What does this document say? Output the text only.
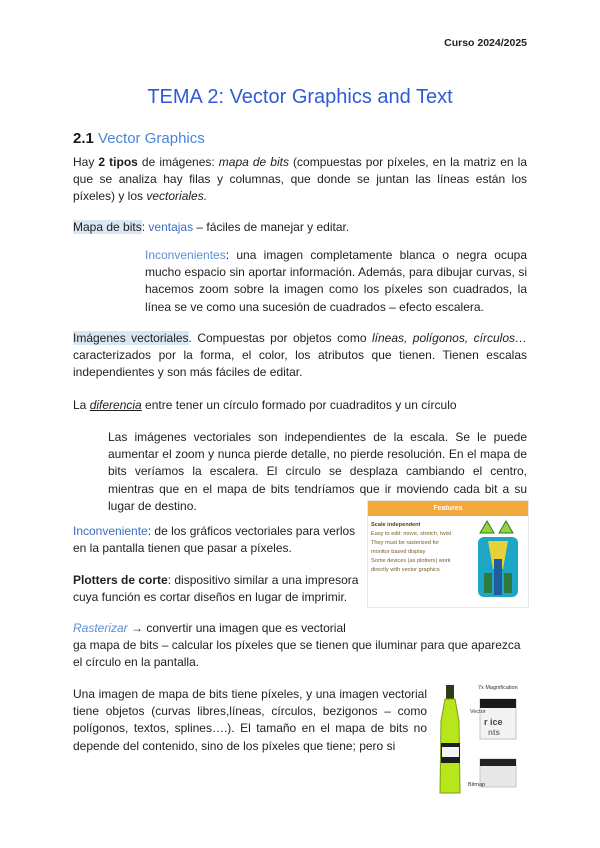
Curso 2024/2025
TEMA 2: Vector Graphics and Text
2.1 Vector Graphics

Hay 2 tipos de imágenes: mapa de bits (compuestas por píxeles, en la matriz en la que se analiza hay filas y columnas, que donde se juntan las líneas están los píxeles) y los vectoriales.

Mapa de bits: ventajas – fáciles de manejar y editar.

Inconvenientes: una imagen completamente blanca o negra ocupa mucho espacio sin aportar información. Además, para dibujar curvas, si hacemos zoom sobre la imagen como los píxeles son cuadrados, la línea se ve como una sucesión de cuadrados – efecto escalera.

Imágenes vectoriales. Compuestas por objetos como líneas, polígonos, círculos… caracterizados por la forma, el color, los atributos que tienen. Tienen escalas independientes y son más fáciles de editar.

La diferencia entre tener un círculo formado por cuadraditos y un círculo

Las imágenes vectoriales son independientes de la escala. Se le puede aumentar el zoom y nunca pierde detalle, no pierde resolución. En el mapa de bits veríamos la escalera. El círculo se desplaza cambiando el centro, mientras que en el mapa de bits tendríamos que ir moviendo cada bit a su lugar de destino.

Inconveniente: de los gráficos vectoriales para verlos en la pantalla tienen que pasar a píxeles.

Plotters de corte: dispositivo similar a una impresora cuya función es cortar diseños en lugar de imprimir.

Rasterizar → convertir una imagen que es vectorial
ga mapa de bits – calcular los píxeles que se tienen que iluminar para que aparezca el círculo en la pantalla.

Una imagen de mapa de bits tiene píxeles, y una imagen vectorial tiene objetos (curvas libres,líneas, círculos, bezigonos – como polígonos, textos, splines….). El tamaño en el mapa de bits no depende del contenido, sino de los píxeles que tiene; pero si

Features
Scale independent
Easy to edit: move, stretch, twist
They must be rasterized for
monitor based display
Some devices (as plotters) work
directly with vector graphics
7x Magnification
Vector
Bitmap
r ice
nts
